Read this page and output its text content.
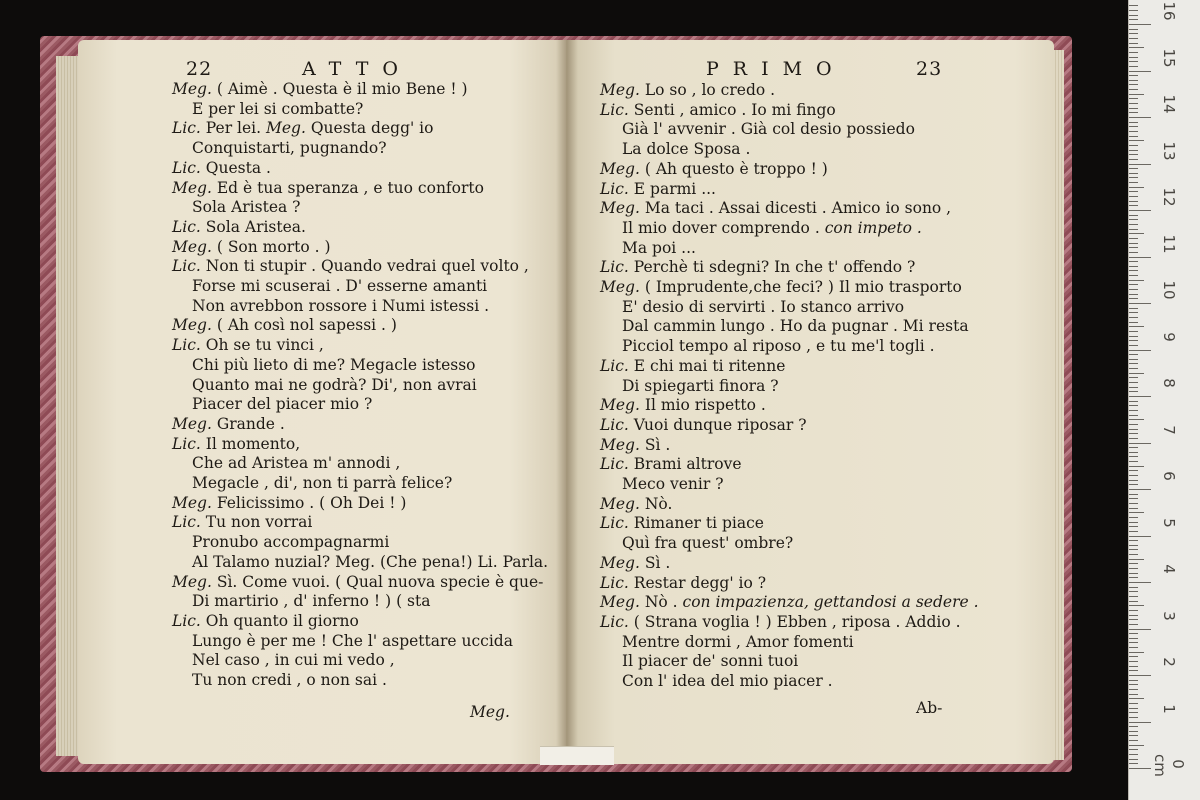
22	ATTO
Meg. ( Aimè . Questa è il mio Bene ! )
E per lei si combatte?
Lic. Per lei. Meg. Questa degg' io
Conquistarti, pugnando?
Lic. Questa .
Meg. Ed è tua speranza , e tuo conforto
Sola Aristea ?
Lic. Sola Aristea.
Meg. ( Son morto . )
Lic. Non ti stupir . Quando vedrai quel volto ,
Forse mi scuserai . D' esserne amanti
Non avrebbon rossore i Numi istessi .
Meg. ( Ah così nol sapessi . )
Lic. Oh se tu vinci ,
Chi più lieto di me? Megacle istesso
Quanto mai ne godrà? Di', non avrai
Piacer del piacer mio ?
Meg. Grande .
Lic. Il momento,
Che ad Aristea m' annodi ,
Megacle , di', non ti parrà felice?
Meg. Felicissimo . ( Oh Dei ! )
Lic. Tu non vorrai
Pronubo accompagnarmi
Al Talamo nuzial? Meg. (Che pena!) Li. Parla.
Meg. Sì. Come vuoi. ( Qual nuova specie è que-
Di martirio , d' inferno ! ) ( sta
Lic. Oh quanto il giorno
Lungo è per me ! Che l' aspettare uccida
Nel caso , in cui mi vedo ,
Tu non credi , o non sai .
Meg.
PRIMO	23
Meg. Lo so , lo credo .
Lic. Senti , amico . Io mi fingo
Già l' avvenir . Già col desio possiedo
La dolce Sposa .
Meg. ( Ah questo è troppo ! )
Lic. E parmi ...
Meg. Ma taci . Assai dicesti . Amico io sono ,
Il mio dover comprendo . con impeto .
Ma poi ...
Lic. Perchè ti sdegni? In che t' offendo ?
Meg. ( Imprudente,che feci? ) Il mio trasporto
E' desio di servirti . Io stanco arrivo
Dal cammin lungo . Ho da pugnar . Mi resta
Picciol tempo al riposo , e tu me'l togli .
Lic. E chi mai ti ritenne
Di spiegarti finora ?
Meg. Il mio rispetto .
Lic. Vuoi dunque riposar ?
Meg. Sì .
Lic. Brami altrove
Meco venir ?
Meg. Nò.
Lic. Rimaner ti piace
Quì fra quest' ombre?
Meg. Sì .
Lic. Restar degg' io ?
Meg. Nò . con impazienza, gettandosi a sedere .
Lic. ( Strana voglia ! ) Ebben , riposa . Addio .
Mentre dormi , Amor fomenti
Il piacer de' sonni tuoi
Con l' idea del mio piacer .
Ab-
0 cm
1
2
3
4
5
6
7
8
9
10
11
12
13
14
15
16
